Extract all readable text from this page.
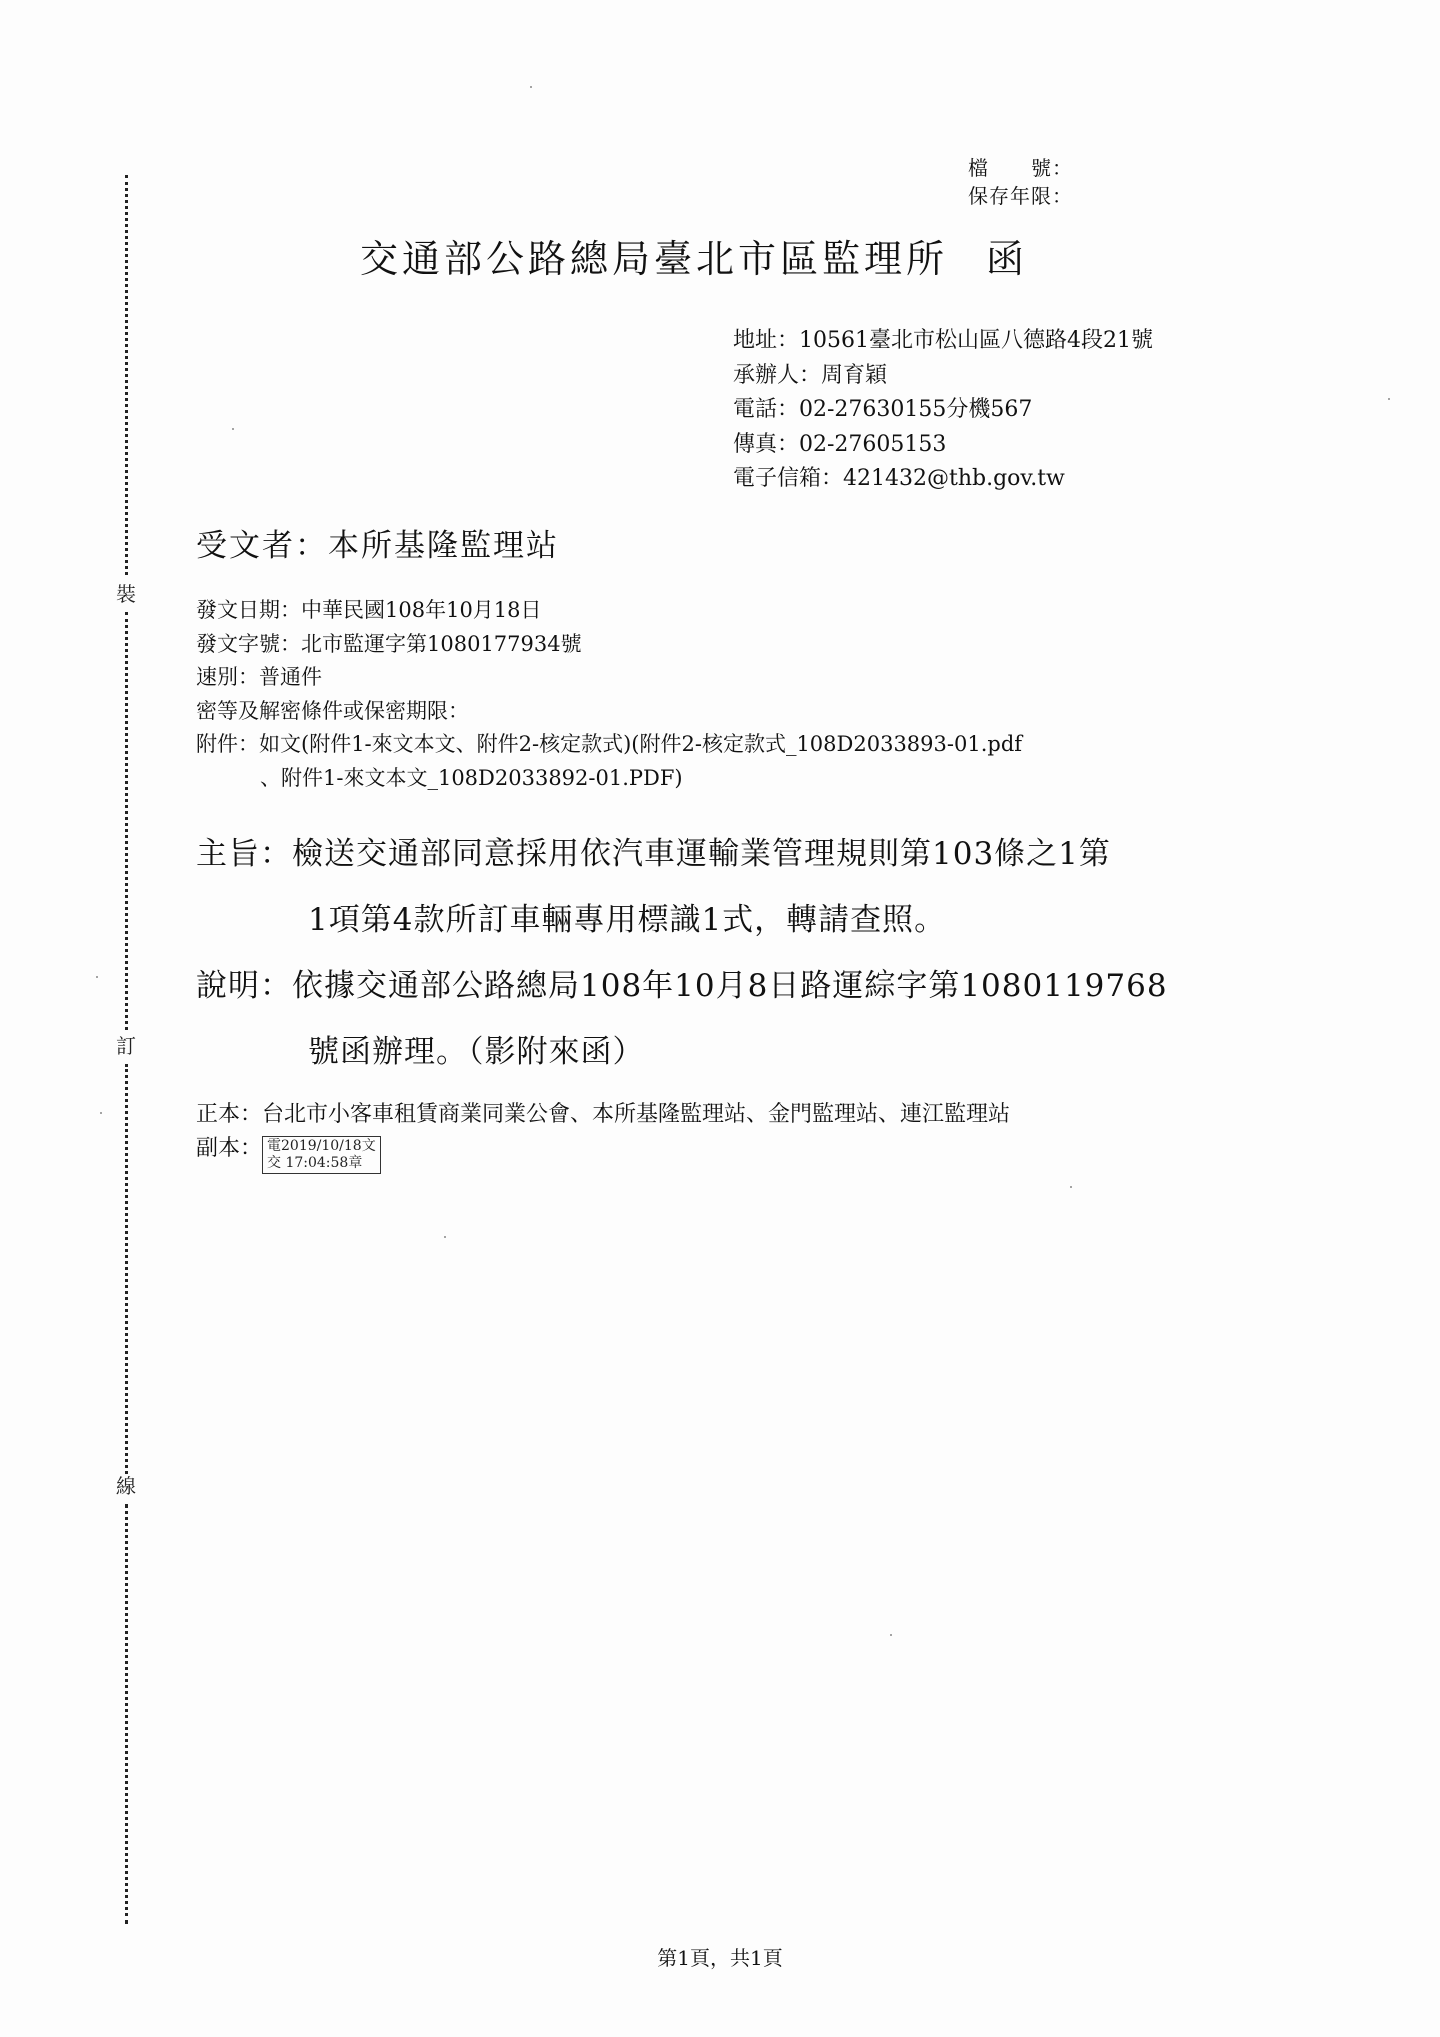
裝
訂
線
檔　　號：
保存年限：
交通部公路總局臺北市區監理所 函
地址：10561臺北市松山區八德路4段21號
承辦人：周育穎
電話：02-27630155分機567
傳真：02-27605153
電子信箱：421432@thb.gov.tw
受文者：本所基隆監理站
發文日期：中華民國108年10月18日
發文字號：北市監運字第1080177934號
速別：普通件
密等及解密條件或保密期限：
附件：如文(附件1-來文本文、附件2-核定款式)(附件2-核定款式_108D2033893-01.pdf
、附件1-來文本文_108D2033892-01.PDF)
主旨：檢送交通部同意採用依汽車運輸業管理規則第103條之1第
1項第4款所訂車輛專用標識1式，轉請查照。
說明：依據交通部公路總局108年10月8日路運綜字第1080119768
號函辦理。（影附來函）
正本：台北市小客車租賃商業同業公會、本所基隆監理站、金門監理站、連江監理站
副本： 電2019/10/18文
交 17:04:58章
第1頁，共1頁
